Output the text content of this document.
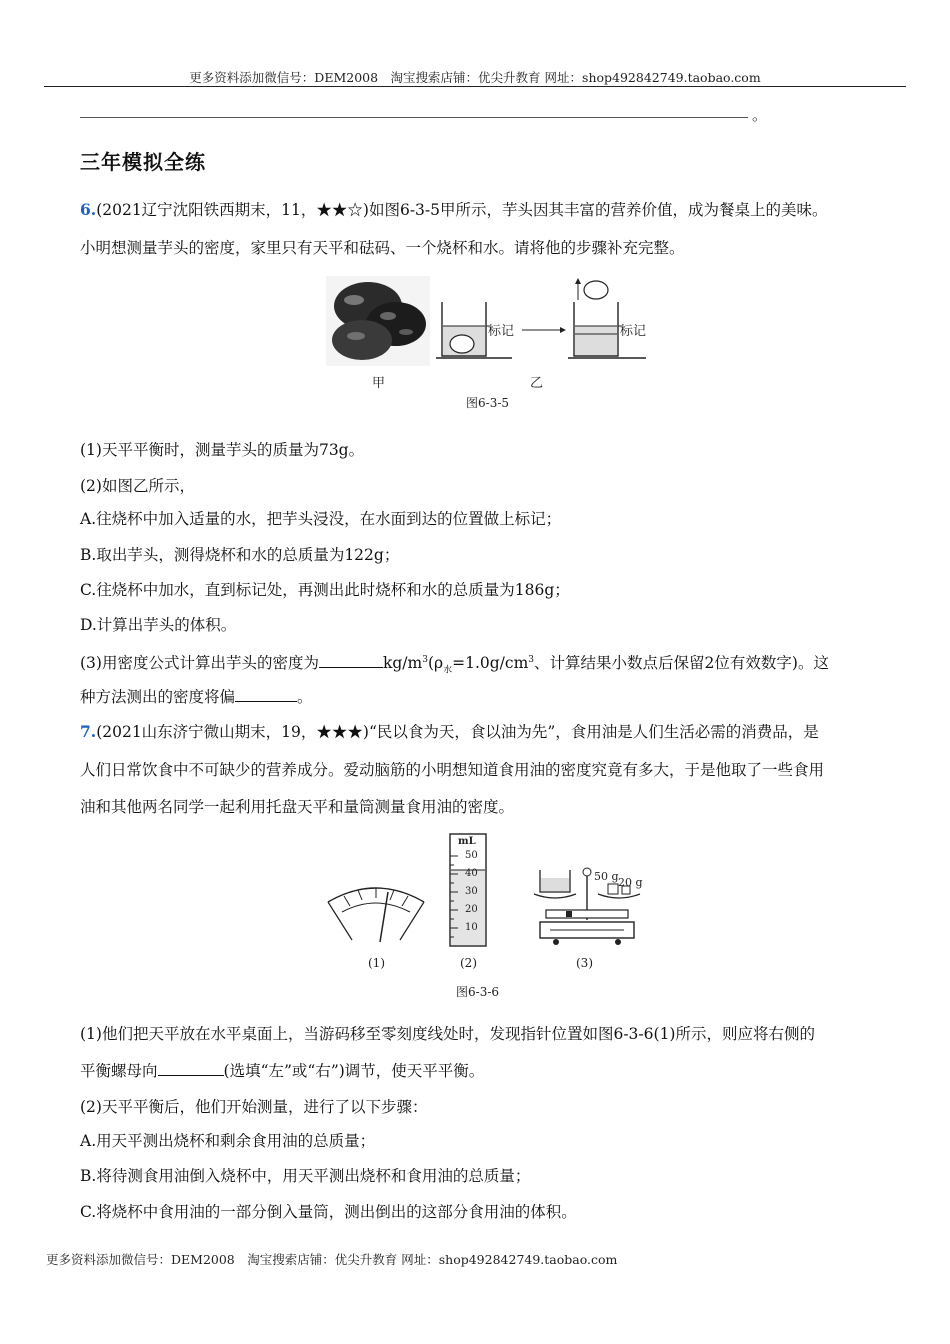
更多资料添加微信号：DEM2008　淘宝搜索店铺：优尖升教育 网址：shop492842749.taobao.com
。
三年模拟全练
6.(2021辽宁沈阳铁西期末，11，★★☆)如图6-3-5甲所示，芋头因其丰富的营养价值，成为餐桌上的美味。
小明想测量芋头的密度，家里只有天平和砝码、一个烧杯和水。请将他的步骤补充完整。
甲
标记	标记
乙
图6-3-5
(1)天平平衡时，测量芋头的质量为73g。
(2)如图乙所示，
A.往烧杯中加入适量的水，把芋头浸没，在水面到达的位置做上标记；
B.取出芋头，测得烧杯和水的总质量为122g；
C.往烧杯中加水，直到标记处，再测出此时烧杯和水的总质量为186g；
D.计算出芋头的体积。
(3)用密度公式计算出芋头的密度为	$kg/m^3(\rho_水=1.0g/cm^3$、计算结果小数点后保留2位有效数字)。这
种方法测出的密度将偏	。
7.(2021山东济宁微山期末，19，★★★)“民以食为天，食以油为先”，食用油是人们生活必需的消费品，是
人们日常饮食中不可缺少的营养成分。爱动脑筋的小明想知道食用油的密度究竟有多大，于是他取了一些食用
油和其他两名同学一起利用托盘天平和量筒测量食用油的密度。
(1)
mL
50
40
30
20
10
(2)
50 g 20 g
(3)
图6-3-6
(1)他们把天平放在水平桌面上，当游码移至零刻度线处时，发现指针位置如图6-3-6(1)所示，则应将右侧的
平衡螺母向	(选填“左”或“右”)调节，使天平平衡。
(2)天平平衡后，他们开始测量，进行了以下步骤：
A.用天平测出烧杯和剩余食用油的总质量；
B.将待测食用油倒入烧杯中，用天平测出烧杯和食用油的总质量；
C.将烧杯中食用油的一部分倒入量筒，测出倒出的这部分食用油的体积。
更多资料添加微信号：DEM2008　淘宝搜索店铺：优尖升教育 网址：shop492842749.taobao.com
